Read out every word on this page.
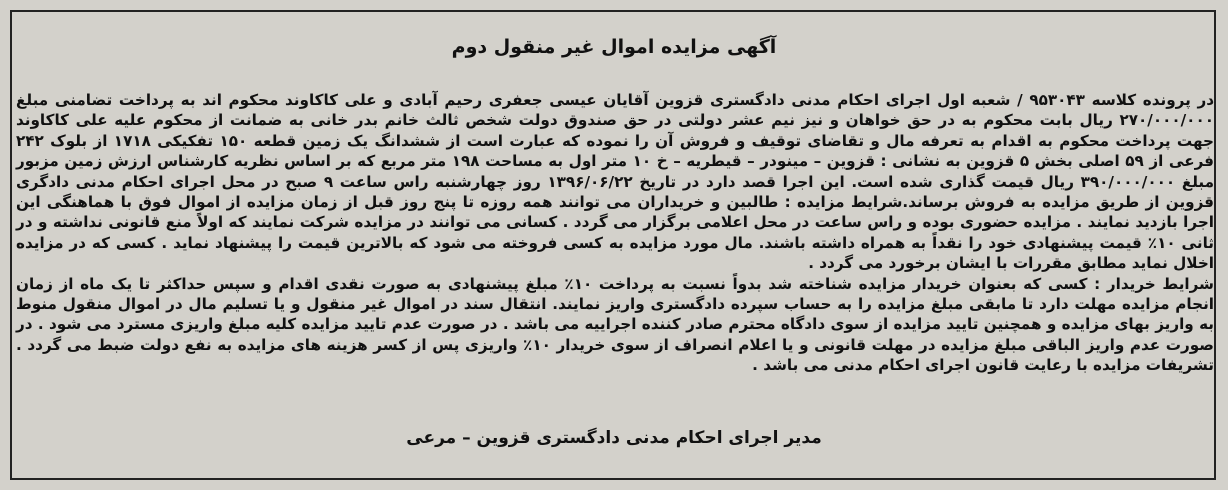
آگهی مزایده اموال غیر منقول دوم

در پرونده کلاسه ۹۵۳۰۴۳ / شعبه اول اجرای احکام مدنی دادگستری قزوین آقایان عیسی جعفری رحیم آبادی و علی کاکاوند محکوم اند به پرداخت تضامنی مبلغ ۲۷۰/۰۰۰/۰۰۰ ریال بابت محکوم به در حق خواهان و نیز نیم عشر دولتی در حق صندوق دولت شخص ثالث خانم بدر خانی به ضمانت از محکوم علیه علی کاکاوند جهت پرداخت محکوم به اقدام به تعرفه مال و تقاضای توقیف و فروش آن را نموده که عبارت است از ششدانگ یک زمین قطعه ۱۵۰ تفکیکی ۱۷۱۸ از بلوک ۲۴۲ فرعی از ۵۹ اصلی بخش ۵ قزوین به نشانی : قزوین – مینودر – قیطریه – خ ۱۰ متر اول به مساحت ۱۹۸ متر مربع که بر اساس نظریه کارشناس ارزش زمین مزبور مبلغ ۳۹۰/۰۰۰/۰۰۰ ریال قیمت گذاری شده است. این اجرا قصد دارد در تاریخ ۱۳۹۶/۰۶/۲۲ روز چهارشنبه راس ساعت ۹ صبح در محل اجرای احکام مدنی دادگری قزوین از طریق مزایده به فروش برساند.شرایط مزایده : طالبین و خریداران می توانند همه روزه تا پنج روز قبل از زمان مزایده از اموال فوق با هماهنگی این اجرا بازدید نمایند . مزایده حضوری بوده و راس ساعت در محل اعلامی برگزار می گردد . کسانی می توانند در مزایده شرکت نمایند که اولاً منع قانونی نداشته و در ثانی ۱۰٪ قیمت پیشنهادی خود را نقداً به همراه داشته باشند. مال مورد مزایده به کسی فروخته می شود که بالاترین قیمت را پیشنهاد نماید . کسی که در مزایده اخلال نماید مطابق مقررات با ایشان برخورد می گردد .

شرایط خریدار : کسی که بعنوان خریدار مزایده شناخته شد بدواً نسبت به پرداخت ۱۰٪ مبلغ پیشنهادی به صورت نقدی اقدام و سپس حداکثر تا یک ماه از زمان انجام مزایده مهلت دارد تا مابقی مبلغ مزایده را به حساب سپرده دادگستری واریز نمایند. انتقال سند در اموال غیر منقول و یا تسلیم مال در اموال منقول منوط به واریز بهای مزایده و همچنین تایید مزایده از سوی دادگاه محترم صادر کننده اجراییه می باشد . در صورت عدم تایید مزایده کلیه مبلغ واریزی مسترد می شود . در صورت عدم واریز الباقی مبلغ مزایده در مهلت قانونی و یا اعلام انصراف از سوی خریدار ۱۰٪ واریزی پس از کسر هزینه های مزایده به نفع دولت ضبط می گردد . تشریفات مزایده با رعایت قانون اجرای احکام مدنی می باشد .

مدیر اجرای احکام مدنی دادگستری قزوین – مرعی
